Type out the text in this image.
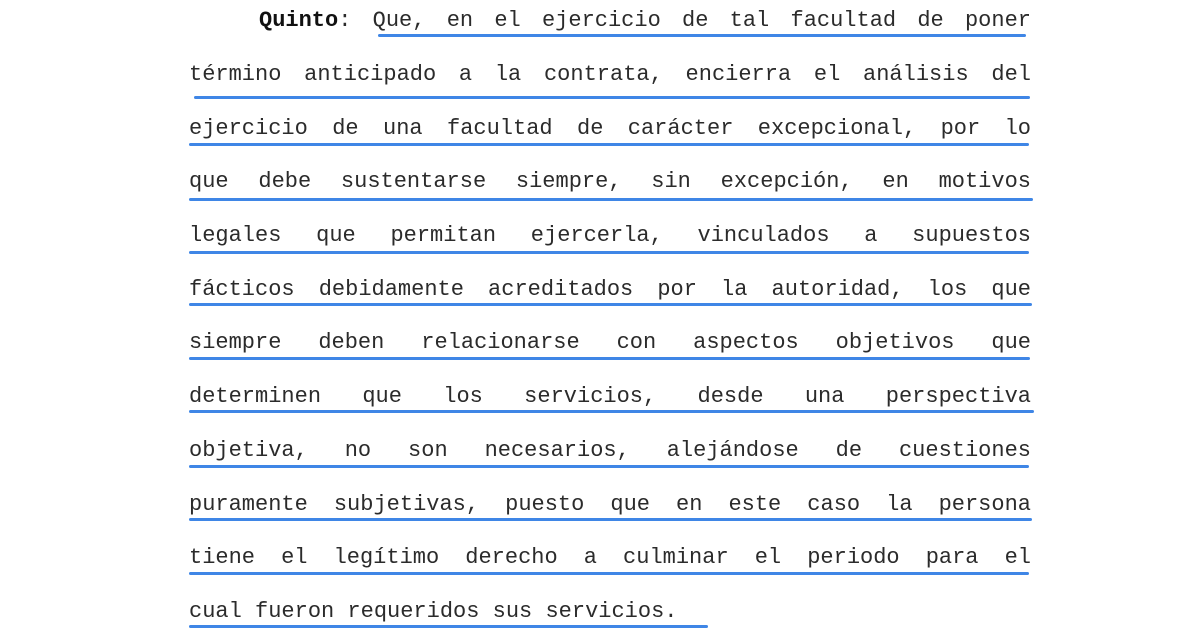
Quinto: Que, en el ejercicio de tal facultad de poner
término anticipado a la contrata, encierra el análisis del
ejercicio de una facultad de carácter excepcional, por lo
que debe sustentarse siempre, sin excepción, en motivos
legales que permitan ejercerla, vinculados a supuestos
fácticos debidamente acreditados por la autoridad, los que
siempre deben relacionarse con aspectos objetivos que
determinen que los servicios, desde una perspectiva
objetiva, no son necesarios, alejándose de cuestiones
puramente subjetivas, puesto que en este caso la persona
tiene el legítimo derecho a culminar el periodo para el
cual fueron requeridos sus servicios.
